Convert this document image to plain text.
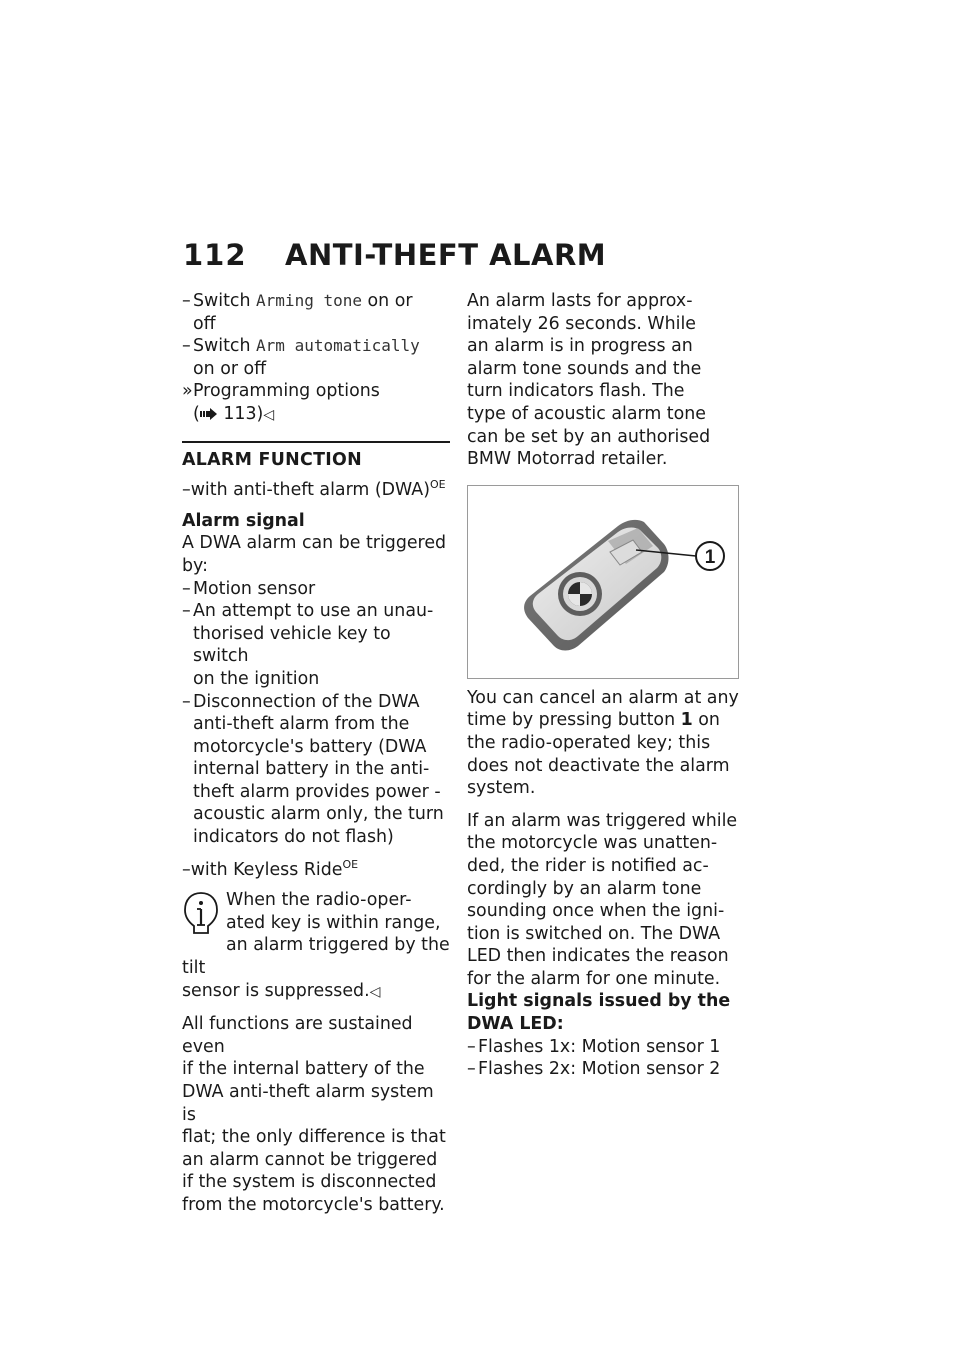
112	ANTI-THEFT ALARM
– Switch Arming tone on or
off
– Switch Arm automatically
on or off
» Programming options
( 113)◁
ALARM FUNCTION
–with anti-theft alarm (DWA)$^{OE}$
Alarm signal
A DWA alarm can be triggered by:
– Motion sensor
– An attempt to use an unau-
thorised vehicle key to switch
on the ignition
– Disconnection of the DWA
anti-theft alarm from the
motorcycle's battery (DWA
internal battery in the anti-
theft alarm provides power -
acoustic alarm only, the turn
indicators do not flash)
–with Keyless Ride$^{OE}$
When the radio-oper-
ated key is within range,
an alarm triggered by the tilt
sensor is suppressed.◁
All functions are sustained even
if the internal battery of the
DWA anti-theft alarm system is
flat; the only difference is that
an alarm cannot be triggered
if the system is disconnected
from the motorcycle's battery.
An alarm lasts for approx-
imately 26 seconds. While
an alarm is in progress an
alarm tone sounds and the
turn indicators flash. The
type of acoustic alarm tone
can be set by an authorised
BMW Motorrad retailer.
1
You can cancel an alarm at any
time by pressing button 1 on
the radio-operated key; this
does not deactivate the alarm
system.
If an alarm was triggered while
the motorcycle was unatten-
ded, the rider is notified ac-
cordingly by an alarm tone
sounding once when the igni-
tion is switched on. The DWA
LED then indicates the reason
for the alarm for one minute.
Light signals issued by the
DWA LED:
– Flashes 1x: Motion sensor 1
– Flashes 2x: Motion sensor 2
